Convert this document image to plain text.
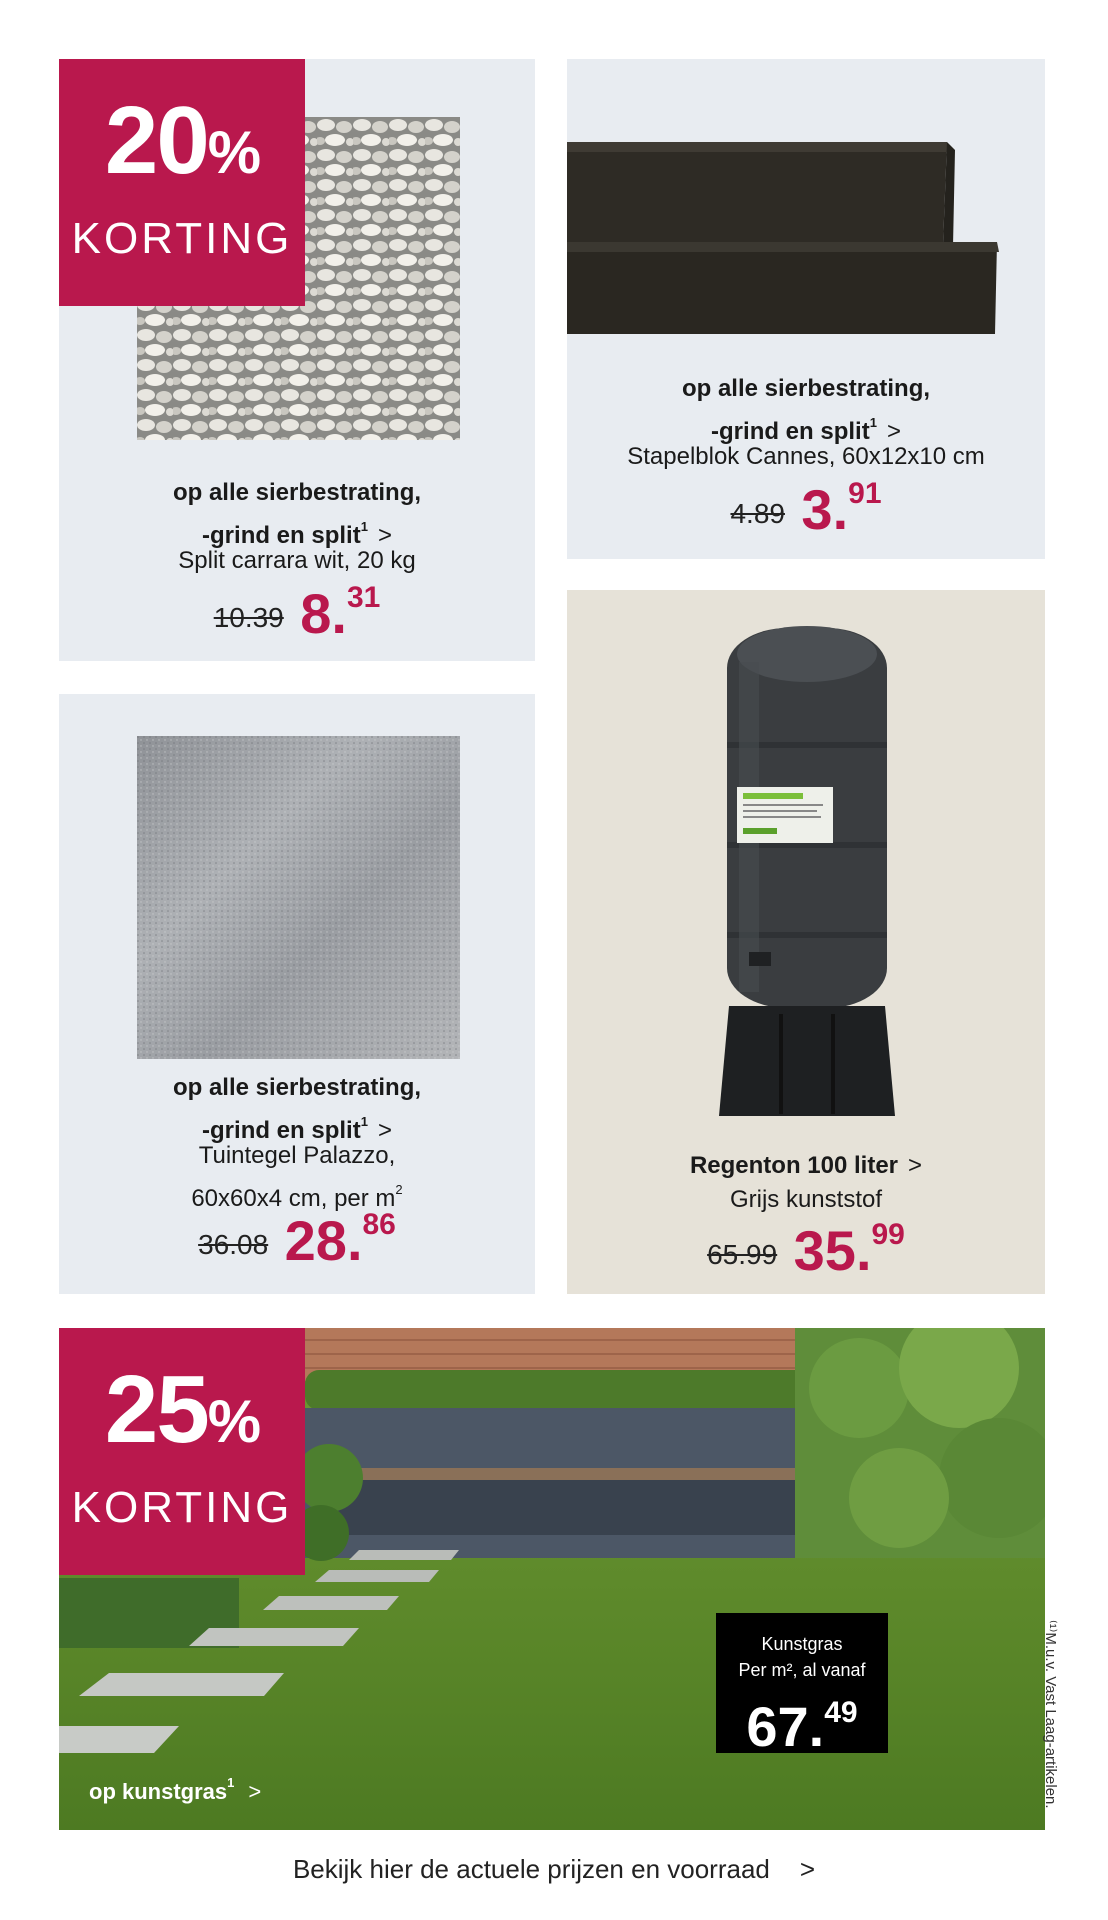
20%
KORTING
op alle sierbestrating,
-grind en split$^1$ >
Split carrara wit, 20 kg
10.39 8.31
op alle sierbestrating,
-grind en split$^1$ >
Stapelblok Cannes, 60x12x10 cm
4.89 3.91
op alle sierbestrating,
-grind en split$^1$ >
Tuintegel Palazzo,
60x60x4 cm, per $m^2$
36.08 28.86
Regenton 100 liter >
Grijs kunststof
65.99 35.99
25%
KORTING
Kunstgras
Per m², al vanaf
67.49
op kunstgras$^1$ >	⁽¹⁾M.u.v. Vast Laag-artikelen.
Bekijk hier de actuele prijzen en voorraad >
